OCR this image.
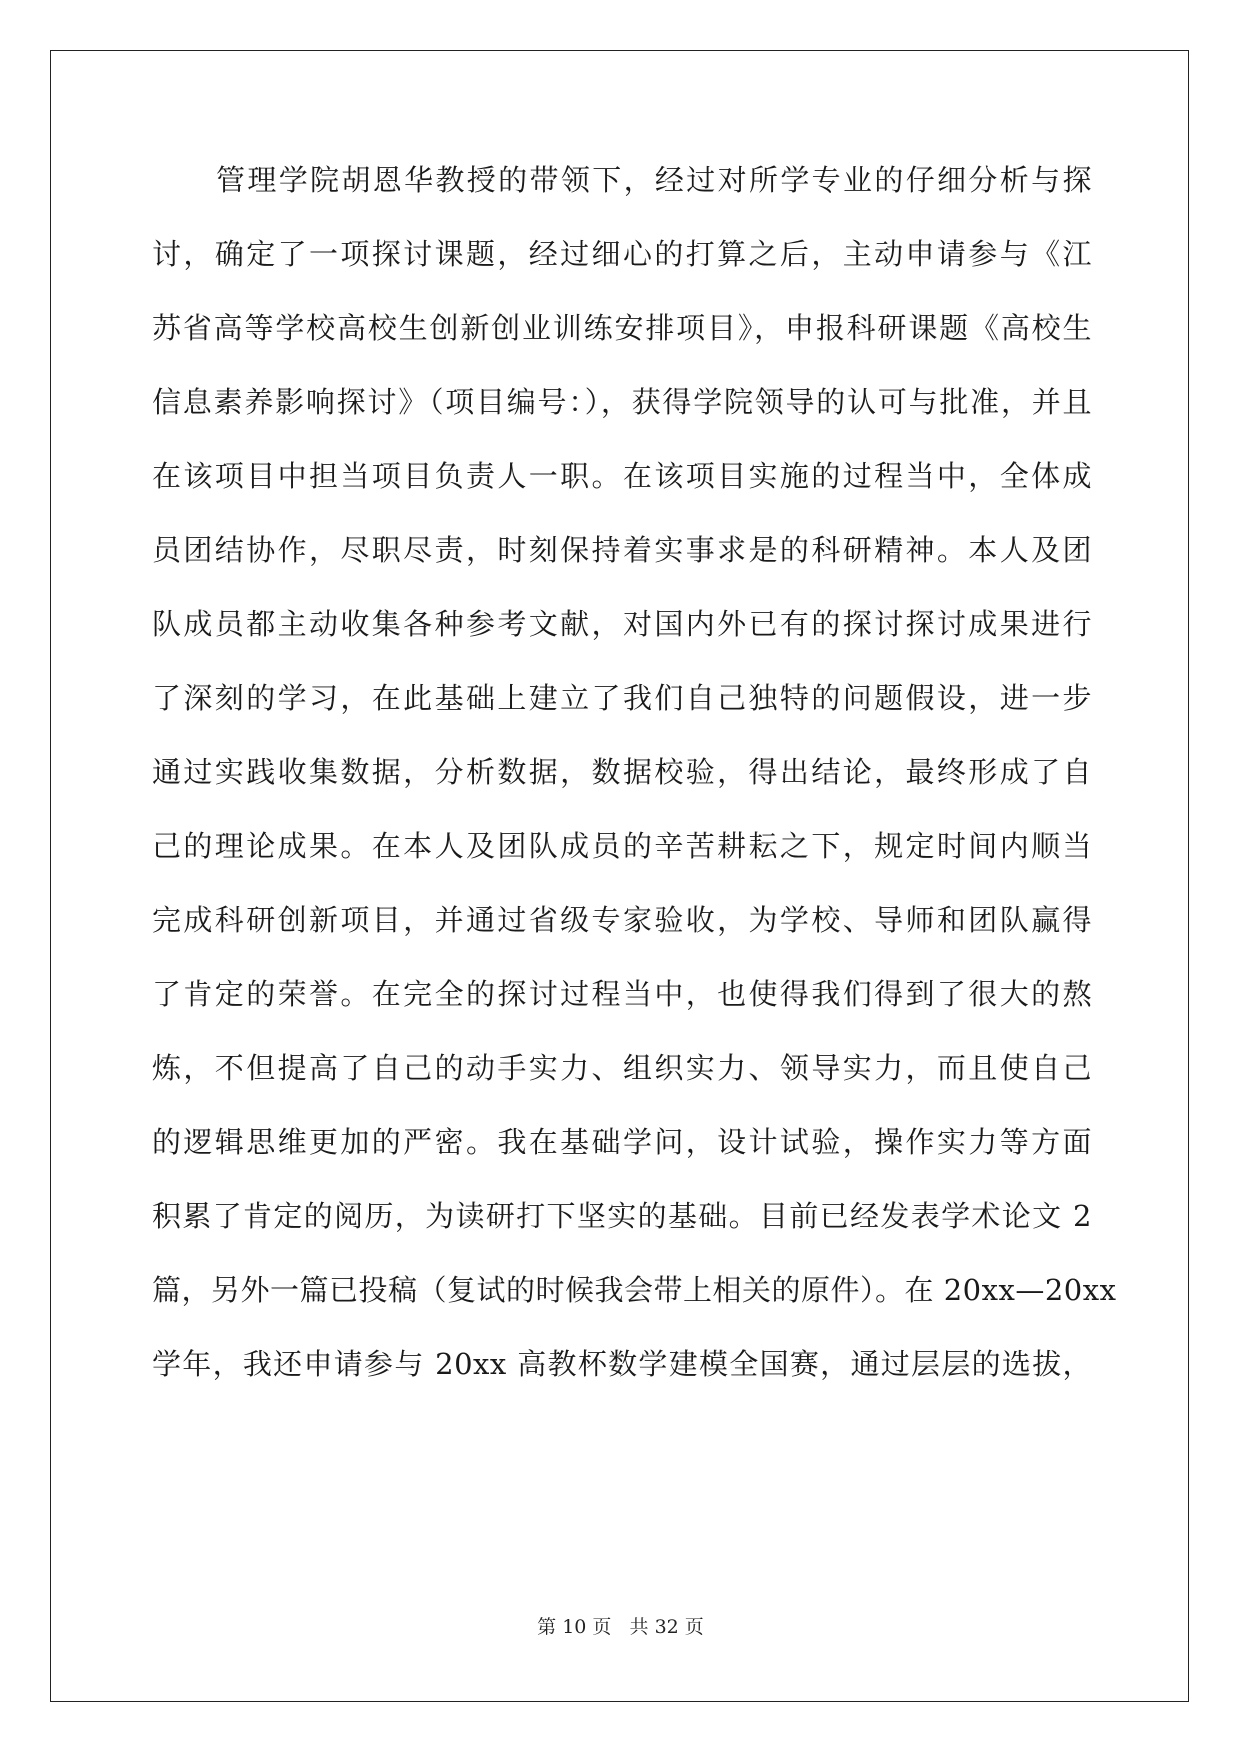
管理学院胡恩华教授的带领下，经过对所学专业的仔细分析与探
讨，确定了一项探讨课题，经过细心的打算之后，主动申请参与《江
苏省高等学校高校生创新创业训练安排项目》，申报科研课题《高校生
信息素养影响探讨》（项目编号：），获得学院领导的认可与批准，并且
在该项目中担当项目负责人一职。在该项目实施的过程当中，全体成
员团结协作，尽职尽责，时刻保持着实事求是的科研精神。本人及团
队成员都主动收集各种参考文献，对国内外已有的探讨探讨成果进行
了深刻的学习，在此基础上建立了我们自己独特的问题假设，进一步
通过实践收集数据，分析数据，数据校验，得出结论，最终形成了自
己的理论成果。在本人及团队成员的辛苦耕耘之下，规定时间内顺当
完成科研创新项目，并通过省级专家验收，为学校、导师和团队赢得
了肯定的荣誉。在完全的探讨过程当中，也使得我们得到了很大的熬
炼，不但提高了自己的动手实力、组织实力、领导实力，而且使自己
的逻辑思维更加的严密。我在基础学问，设计试验，操作实力等方面
积累了肯定的阅历，为读研打下坚实的基础。目前已经发表学术论文 2
篇，另外一篇已投稿（复试的时候我会带上相关的原件）。在 20xx—20xx
学年，我还申请参与 20xx 高教杯数学建模全国赛，通过层层的选拔，
第 10 页   共 32 页
